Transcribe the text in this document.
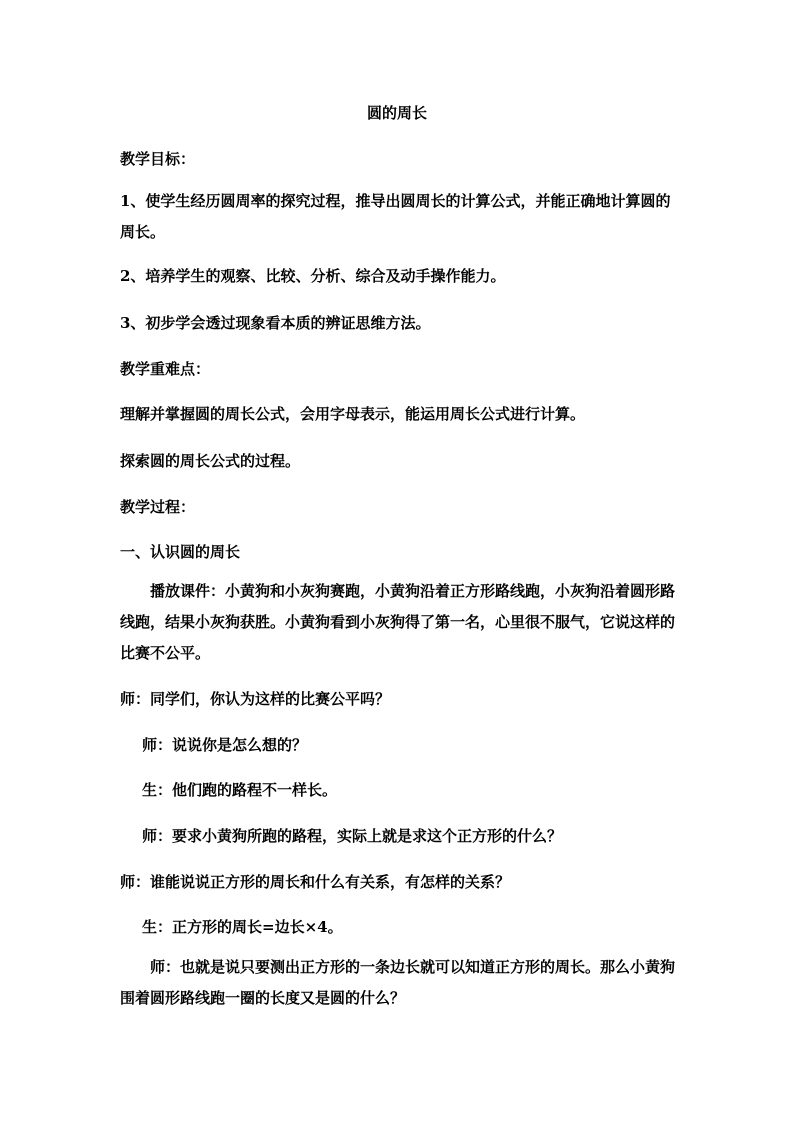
圆的周长
教学目标：
1、使学生经历圆周率的探究过程，推导出圆周长的计算公式，并能正确地计算圆的周长。
2、培养学生的观察、比较、分析、综合及动手操作能力。
3、初步学会透过现象看本质的辨证思维方法。
教学重难点：
理解并掌握圆的周长公式，会用字母表示，能运用周长公式进行计算。
探索圆的周长公式的过程。
教学过程：
一、认识圆的周长
播放课件：小黄狗和小灰狗赛跑，小黄狗沿着正方形路线跑，小灰狗沿着圆形路线跑，结果小灰狗获胜。小黄狗看到小灰狗得了第一名，心里很不服气，它说这样的比赛不公平。
师：同学们，你认为这样的比赛公平吗？
师：说说你是怎么想的？
生：他们跑的路程不一样长。
师：要求小黄狗所跑的路程，实际上就是求这个正方形的什么？
师：谁能说说正方形的周长和什么有关系，有怎样的关系？
生：正方形的周长=边长×4。
师：也就是说只要测出正方形的一条边长就可以知道正方形的周长。那么小黄狗围着圆形路线跑一圈的长度又是圆的什么？
